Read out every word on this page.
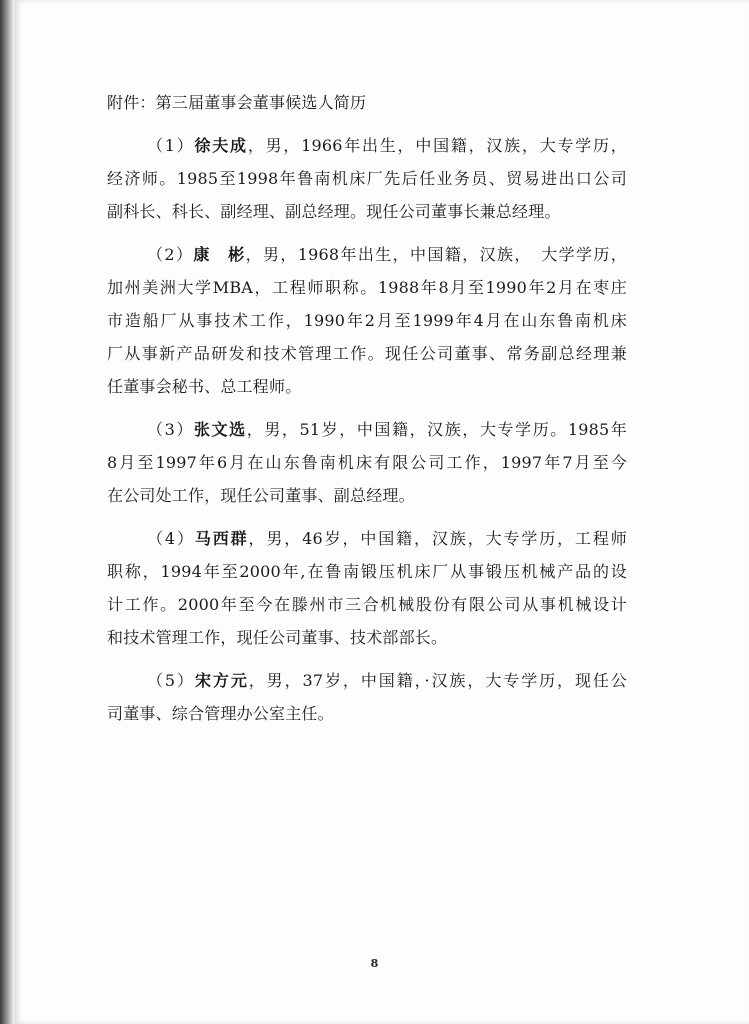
附件：第三届董事会董事候选人简历
（1）徐夫成，男，1966年出生，中国籍，汉族，大专学历，
经济师。1985至1998年鲁南机床厂先后任业务员、贸易进出口公司
副科长、科长、副经理、副总经理。现任公司董事长兼总经理。
（2）康　彬，男，1968年出生，中国籍，汉族，　大学学历，
加州美洲大学MBA，工程师职称。1988年8月至1990年2月在枣庄
市造船厂从事技术工作，1990年2月至1999年4月在山东鲁南机床
厂从事新产品研发和技术管理工作。现任公司董事、常务副总经理兼
任董事会秘书、总工程师。
（3）张文选，男，51岁，中国籍，汉族，大专学历。1985年
8月至1997年6月在山东鲁南机床有限公司工作，1997年7月至今
在公司处工作，现任公司董事、副总经理。
（4）马西群，男，46岁，中国籍，汉族，大专学历，工程师
职称，1994年至2000年,在鲁南锻压机床厂从事锻压机械产品的设
计工作。2000年至今在滕州市三合机械股份有限公司从事机械设计
和技术管理工作，现任公司董事、技术部部长。
（5）宋方元，男，37岁，中国籍，·汉族，大专学历，现任公
司董事、综合管理办公室主任。
8
